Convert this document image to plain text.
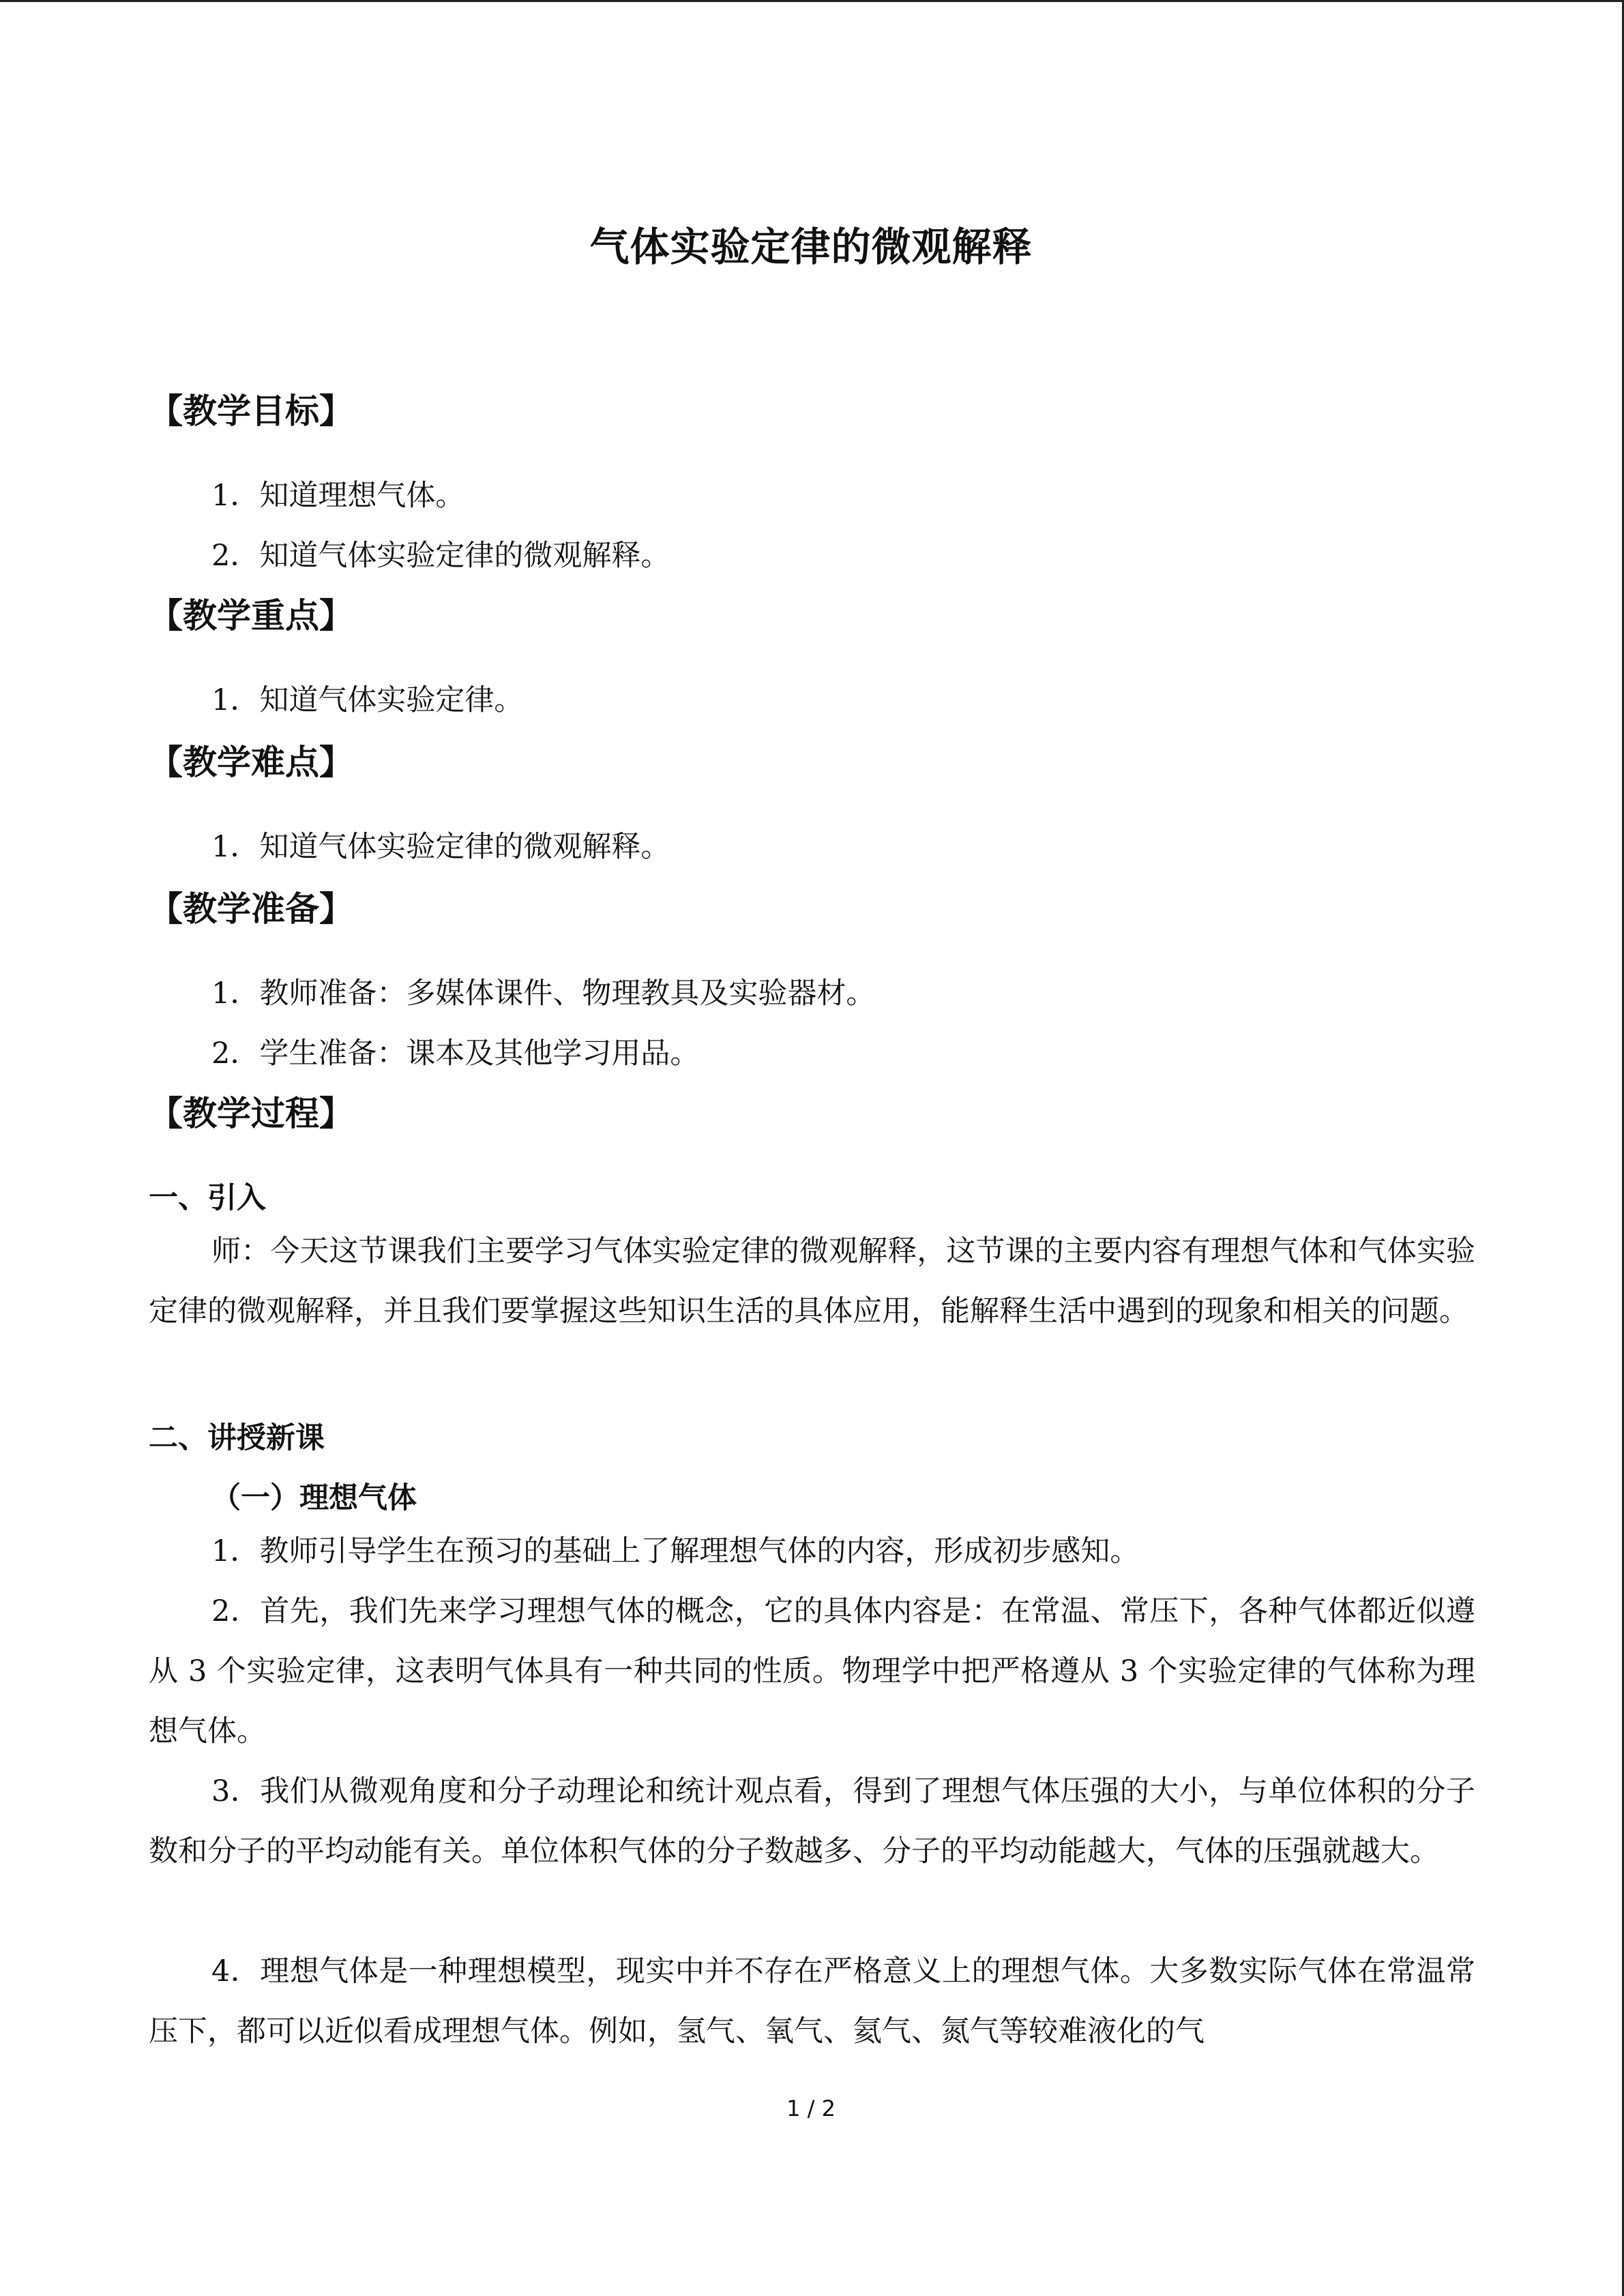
气体实验定律的微观解释
【教学目标】
1．知道理想气体。
2．知道气体实验定律的微观解释。
【教学重点】
1．知道气体实验定律。
【教学难点】
1．知道气体实验定律的微观解释。
【教学准备】
1．教师准备：多媒体课件、物理教具及实验器材。
2．学生准备：课本及其他学习用品。
【教学过程】
一、引入
师：今天这节课我们主要学习气体实验定律的微观解释，这节课的主要内容有理想气体和气体实验定律的微观解释，并且我们要掌握这些知识生活的具体应用，能解释生活中遇到的现象和相关的问题。
二、讲授新课
（一）理想气体
1．教师引导学生在预习的基础上了解理想气体的内容，形成初步感知。
2．首先，我们先来学习理想气体的概念，它的具体内容是：在常温、常压下，各种气体都近似遵从 3 个实验定律，这表明气体具有一种共同的性质。物理学中把严格遵从 3 个实验定律的气体称为理想气体。
3．我们从微观角度和分子动理论和统计观点看，得到了理想气体压强的大小，与单位体积的分子数和分子的平均动能有关。单位体积气体的分子数越多、分子的平均动能越大，气体的压强就越大。
4．理想气体是一种理想模型，现实中并不存在严格意义上的理想气体。大多数实际气体在常温常压下，都可以近似看成理想气体。例如，氢气、氧气、氦气、氮气等较难液化的气
1 / 2
